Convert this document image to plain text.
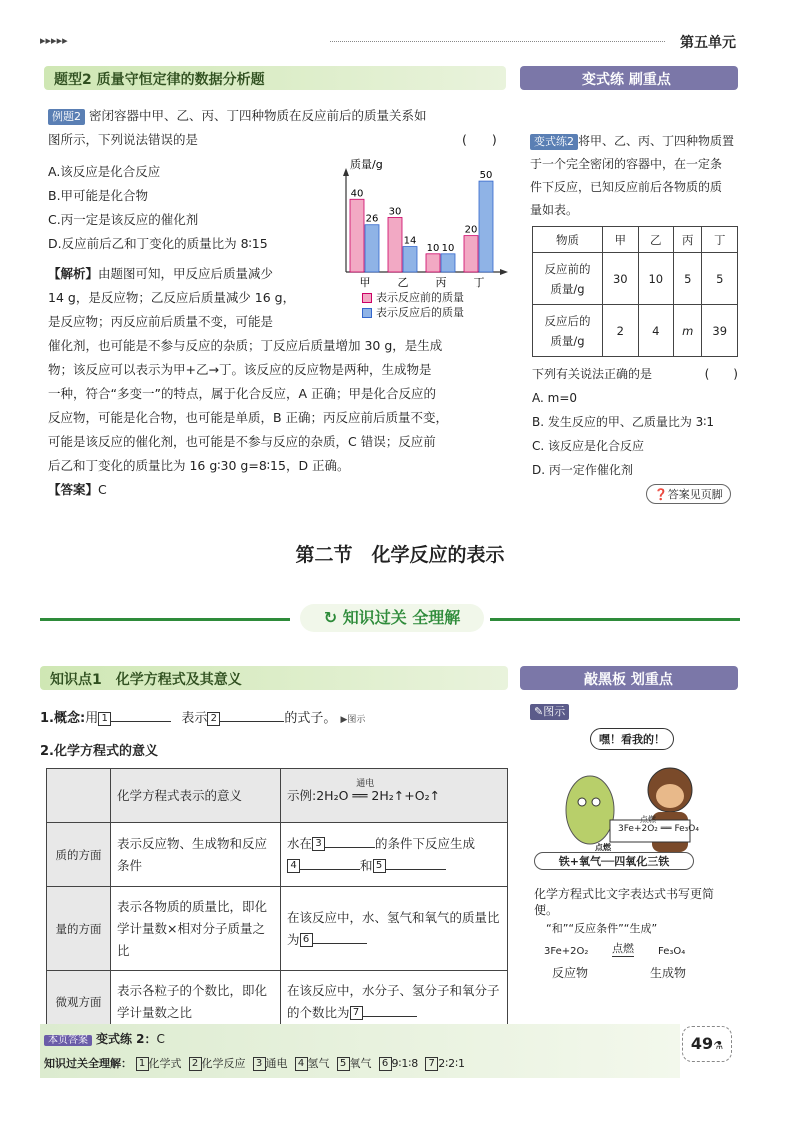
▸▸▸▸▸	第五单元
题型2 质量守恒定律的数据分析题	变式练 刷重点
例题2 密闭容器中甲、乙、丙、丁四种物质在反应前后的质量关系如
图所示，下列说法错误的是	(　　)
A.该反应是化合反应
B.甲可能是化合物
C.丙一定是该反应的催化剂
D.反应前后乙和丁变化的质量比为 8∶15
质量/g
40
26
甲
30
14
乙
10 10
丙
20
50
丁
表示反应前的质量
表示反应后的质量
【解析】由题图可知，甲反应后质量减少
14 g，是反应物；乙反应后质量减少 16 g，
是反应物；丙反应前后质量不变，可能是
催化剂，也可能是不参与反应的杂质；丁反应后质量增加 30 g，是生成
物；该反应可以表示为甲+乙→丁。该反应的反应物是两种，生成物是
一种，符合“多变一”的特点，属于化合反应，A 正确；甲是化合反应的
反应物，可能是化合物，也可能是单质，B 正确；丙反应前后质量不变，
可能是该反应的催化剂，也可能是不参与反应的杂质，C 错误；反应前
后乙和丁变化的质量比为 16 g∶30 g=8∶15，D 正确。
【答案】C
变式练2 将甲、乙、丙、丁四种物质置
于一个完全密闭的容器中，在一定条
件下反应，已知反应前后各物质的质
量如表。
物质	甲	乙	丙	丁
反应前的
质量/g	30	10	5	5
反应后的
质量/g	2	4	m	39
下列有关说法正确的是	(　　)
A. m=0
B. 发生反应的甲、乙质量比为 3∶1
C. 该反应是化合反应
D. 丙一定作催化剂
❓答案见页脚
第二节　化学反应的表示
↻ 知识过关 全理解
知识点1　化学方程式及其意义	敲黑板 划重点
1.概念:用 1	表示 2	的式子。 ▶图示
2.化学方程式的意义
	化学方程式表示的意义	示例:
通电
2H₂O ══ 2H₂↑+O₂↑
质的方面	表示反应物、生成物和反应条件	水在 3 的条件下反应生成
4 和 5
量的方面	表示各物质的质量比，即化学计量数×相对分子质量之比	在该反应中，水、氢气和氧气的质量比为 6
微观方面	表示各粒子的个数比，即化学计量数之比	在该反应中，水分子、氢分子和氧分子的个数比为 7
✎图示
嘿！看我的！
点燃
3Fe+2O₂ ══ Fe₃O₄
点燃
铁+氧气──四氧化三铁
化学方程式比文字表达式书写更简便。
“和”“反应条件”“生成”
3Fe+2O₂ 点燃 Fe₃O₄
反应物	生成物
本页答案 变式练 2：C
知识过关全理解： 1 化学式 2 化学反应 3 通电 4 氢气 5 氧气 6 9∶1∶8 7 2∶2∶1
49⚗
